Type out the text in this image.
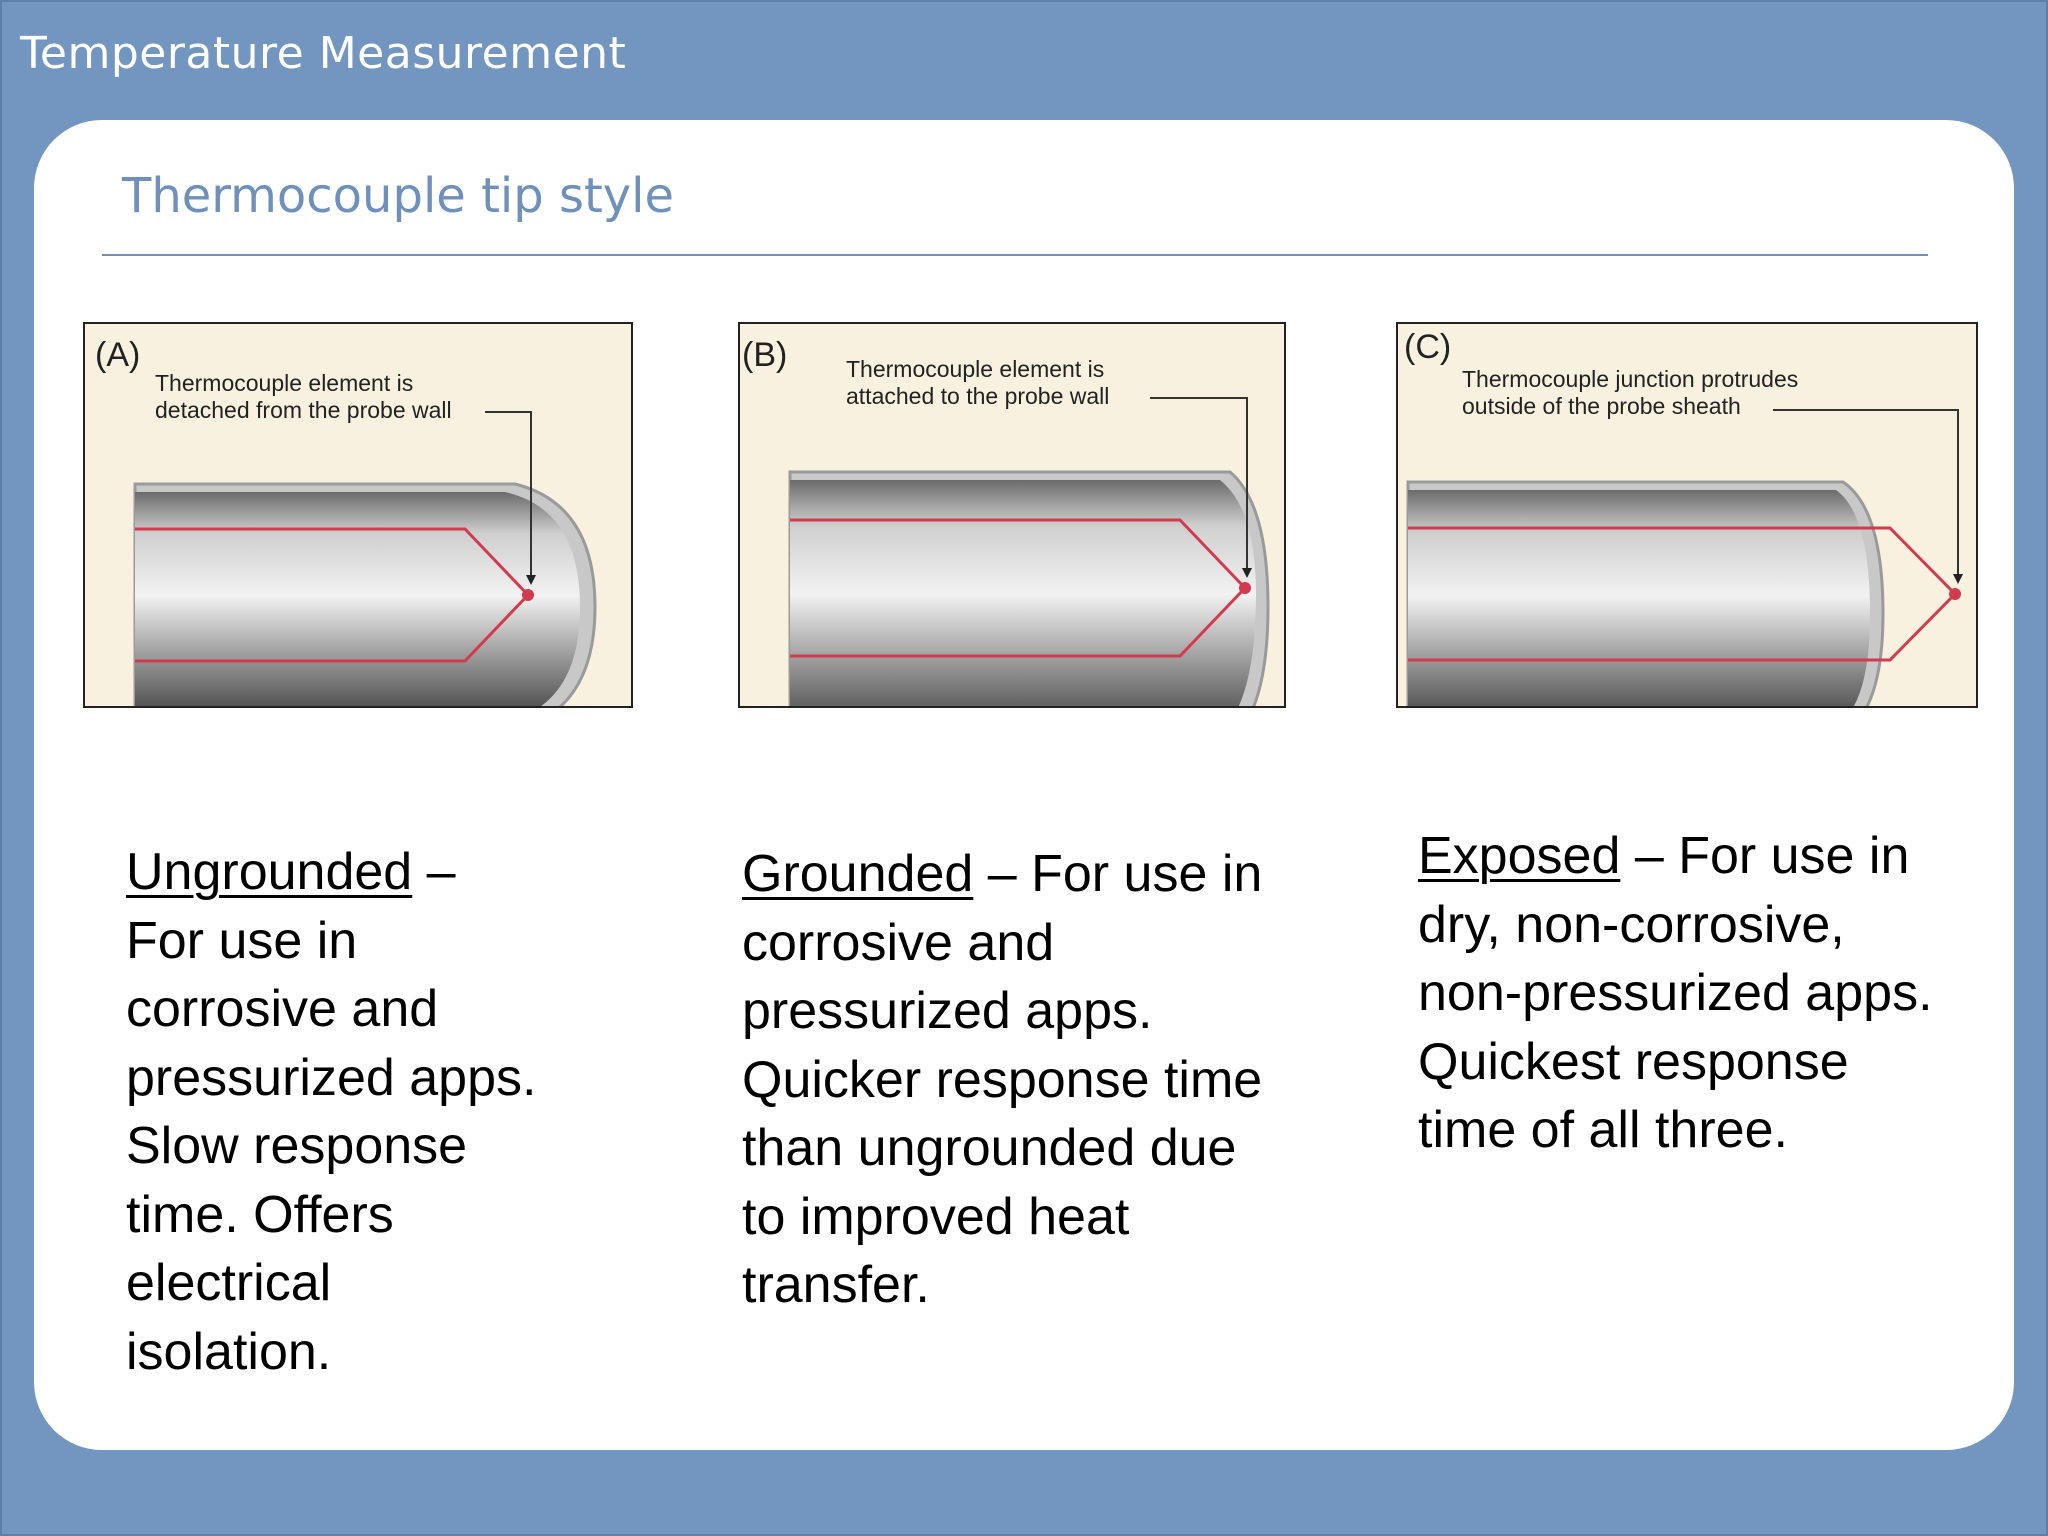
Temperature Measurement
Thermocouple tip style
(A)
Thermocouple element is
detached from the probe wall
(B)	Thermocouple element is
attached to the probe wall
(C)
Thermocouple junction protrudes
outside of the probe sheath
Ungrounded –
For use in corrosive and pressurized apps. Slow response time. Offers electrical isolation.
Grounded – For use in corrosive and pressurized apps. Quicker response time than ungrounded due to improved heat transfer.
Exposed – For use in dry, non-corrosive, non-pressurized apps. Quickest response time of all three.
